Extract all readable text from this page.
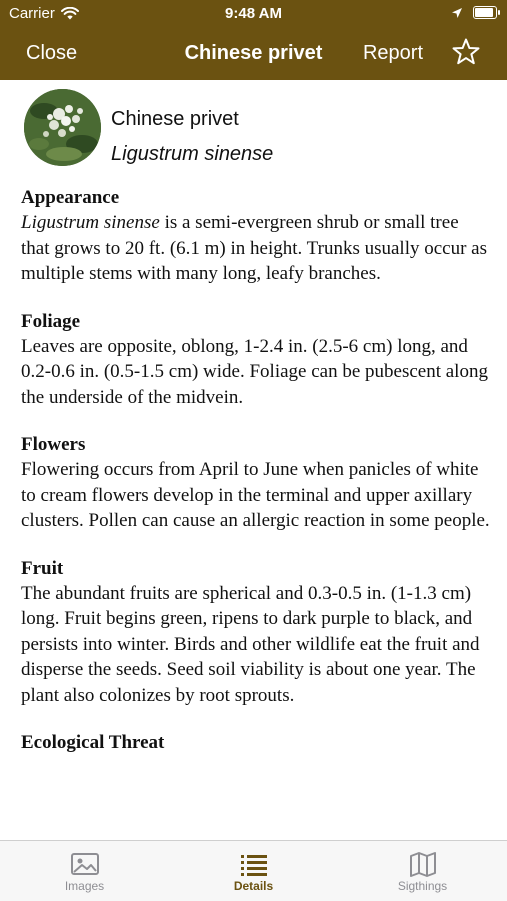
Carrier	9:48 AM
Close	Chinese privet	Report
Chinese privet
Ligustrum sinense
Appearance

Ligustrum sinense is a semi-evergreen shrub or small tree that grows to 20 ft. (6.1 m) in height. Trunks usually occur as multiple stems with many long, leafy branches.

Foliage

Leaves are opposite, oblong, 1-2.4 in. (2.5-6 cm) long, and 0.2-0.6 in. (0.5-1.5 cm) wide. Foliage can be pubescent along the underside of the midvein.

Flowers

Flowering occurs from April to June when panicles of white to cream flowers develop in the terminal and upper axillary clusters. Pollen can cause an allergic reaction in some people.

Fruit

The abundant fruits are spherical and 0.3-0.5 in. (1-1.3 cm) long. Fruit begins green, ripens to dark purple to black, and persists into winter. Birds and other wildlife eat the fruit and disperse the seeds. Seed soil viability is about one year. The plant also colonizes by root sprouts.

Ecological Threat
Images	Details	Sigthings
